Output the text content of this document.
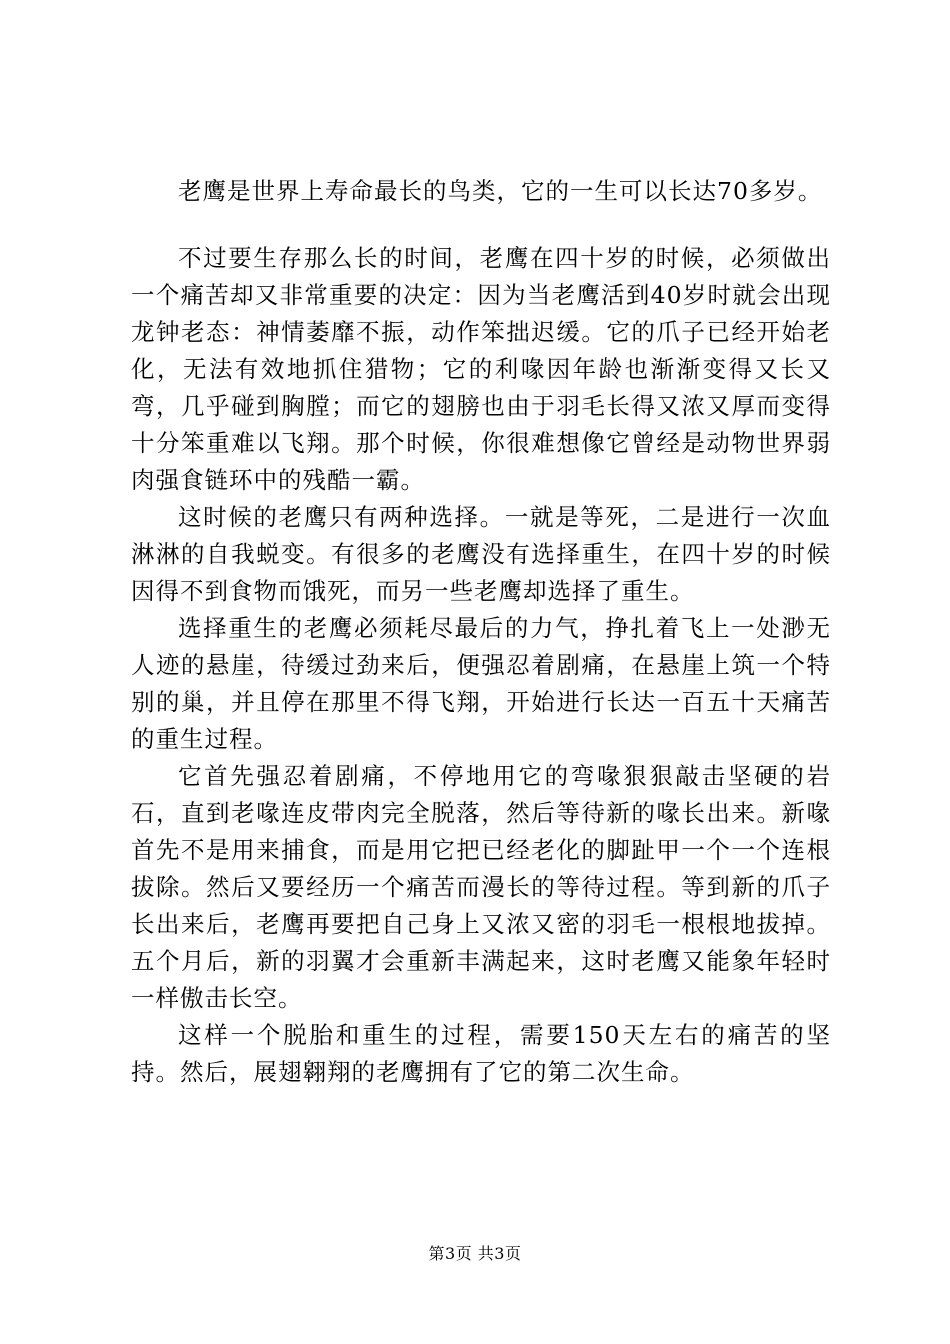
老鹰是世界上寿命最长的鸟类，它的一生可以长达70多岁。

不过要生存那么长的时间，老鹰在四十岁的时候，必须做出一个痛苦却又非常重要的决定：因为当老鹰活到40岁时就会出现龙钟老态：神情萎靡不振，动作笨拙迟缓。它的爪子已经开始老化，无法有效地抓住猎物；它的利喙因年龄也渐渐变得又长又弯，几乎碰到胸膛；而它的翅膀也由于羽毛长得又浓又厚而变得十分笨重难以飞翔。那个时候，你很难想像它曾经是动物世界弱肉强食链环中的残酷一霸。

这时候的老鹰只有两种选择。一就是等死，二是进行一次血淋淋的自我蜕变。有很多的老鹰没有选择重生，在四十岁的时候因得不到食物而饿死，而另一些老鹰却选择了重生。

选择重生的老鹰必须耗尽最后的力气，挣扎着飞上一处渺无人迹的悬崖，待缓过劲来后，便强忍着剧痛，在悬崖上筑一个特别的巢，并且停在那里不得飞翔，开始进行长达一百五十天痛苦的重生过程。

它首先强忍着剧痛，不停地用它的弯喙狠狠敲击坚硬的岩石，直到老喙连皮带肉完全脱落，然后等待新的喙长出来。新喙首先不是用来捕食，而是用它把已经老化的脚趾甲一个一个连根拔除。然后又要经历一个痛苦而漫长的等待过程。等到新的爪子长出来后，老鹰再要把自己身上又浓又密的羽毛一根根地拔掉。五个月后，新的羽翼才会重新丰满起来，这时老鹰又能象年轻时一样傲击长空。

这样一个脱胎和重生的过程，需要150天左右的痛苦的坚持。然后，展翅翱翔的老鹰拥有了它的第二次生命。

第3页 共3页
